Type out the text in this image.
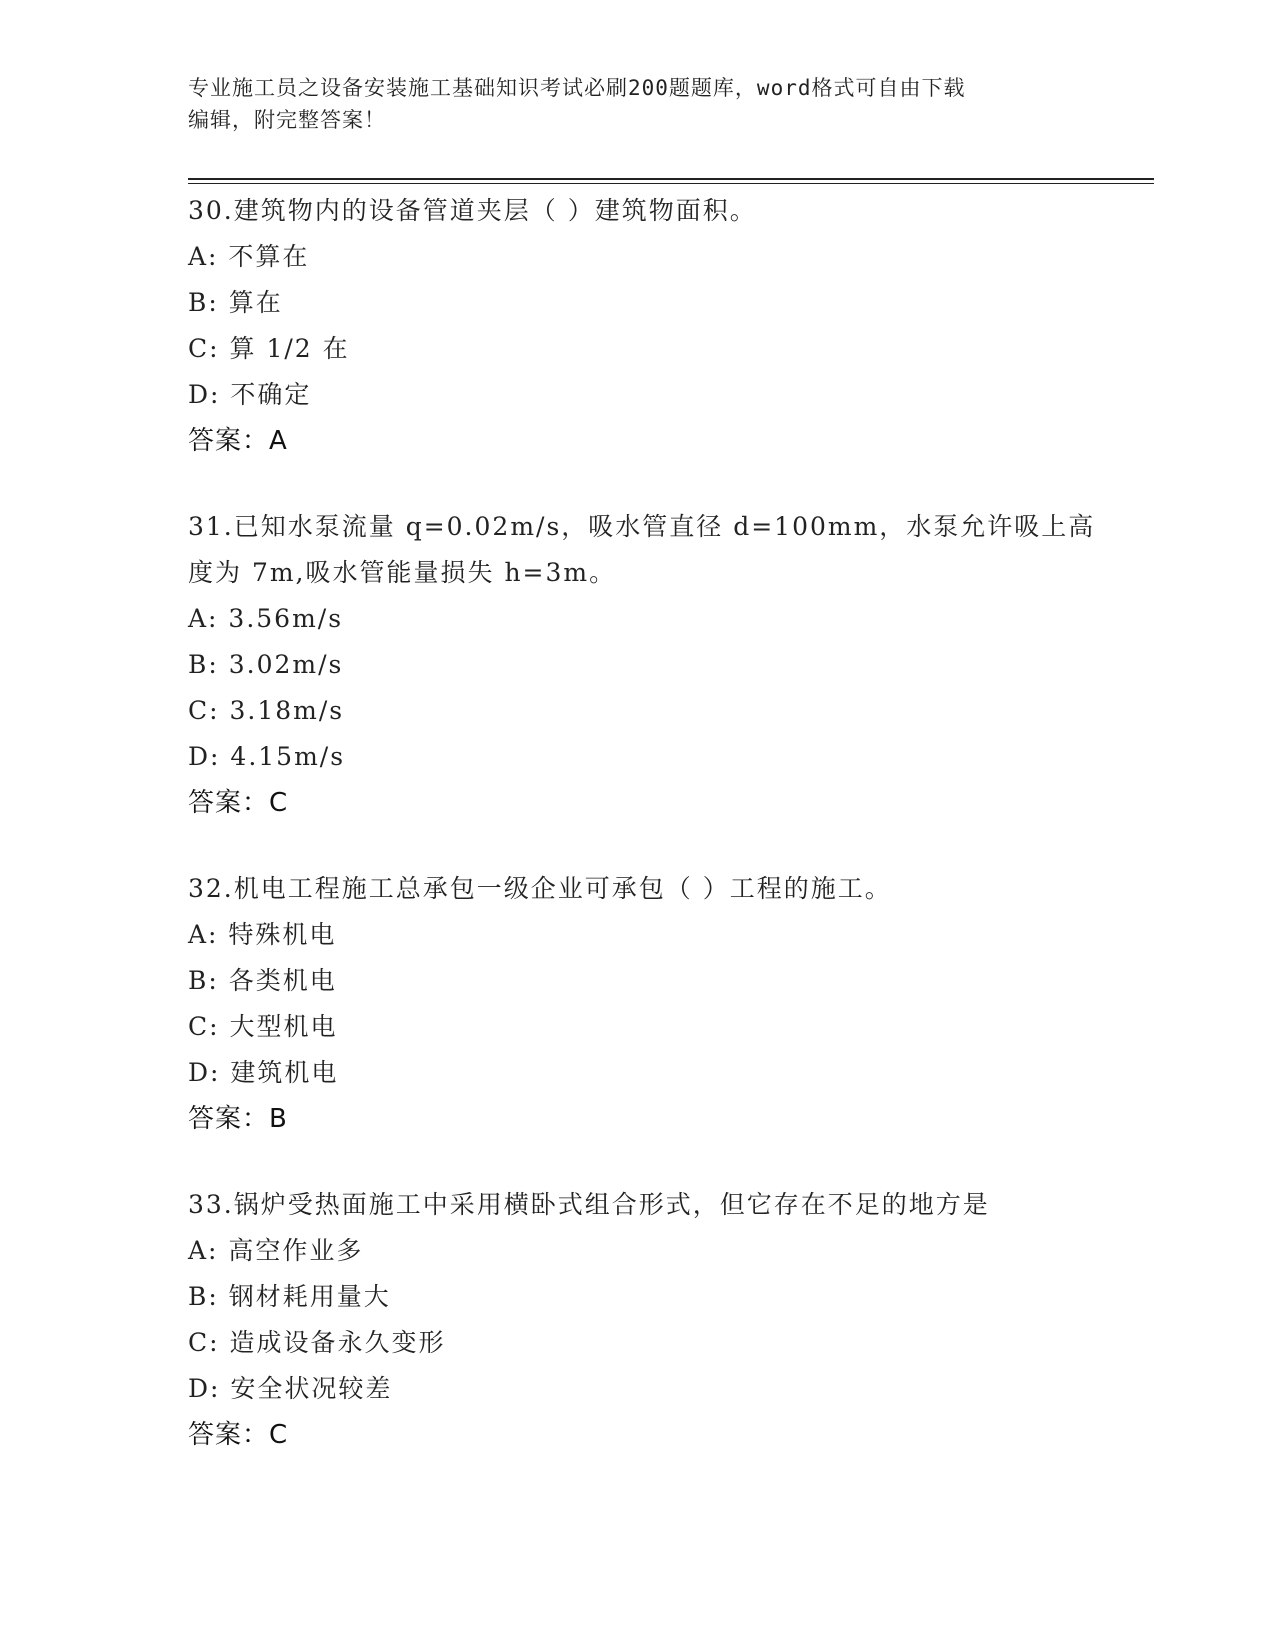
专业施工员之设备安装施工基础知识考试必刷200题题库，word格式可自由下载
编辑，附完整答案！
30.建筑物内的设备管道夹层（ ）建筑物面积。
A: 不算在
B: 算在
C: 算 1/2 在
D: 不确定
答案：A
31.已知水泵流量 q=0.02m/s，吸水管直径 d=100mm，水泵允许吸上高
度为 7m,吸水管能量损失 h=3m。
A: 3.56m/s
B: 3.02m/s
C: 3.18m/s
D: 4.15m/s
答案：C
32.机电工程施工总承包一级企业可承包（ ）工程的施工。
A: 特殊机电
B: 各类机电
C: 大型机电
D: 建筑机电
答案：B
33.锅炉受热面施工中采用横卧式组合形式，但它存在不足的地方是
A: 高空作业多
B: 钢材耗用量大
C: 造成设备永久变形
D: 安全状况较差
答案：C
